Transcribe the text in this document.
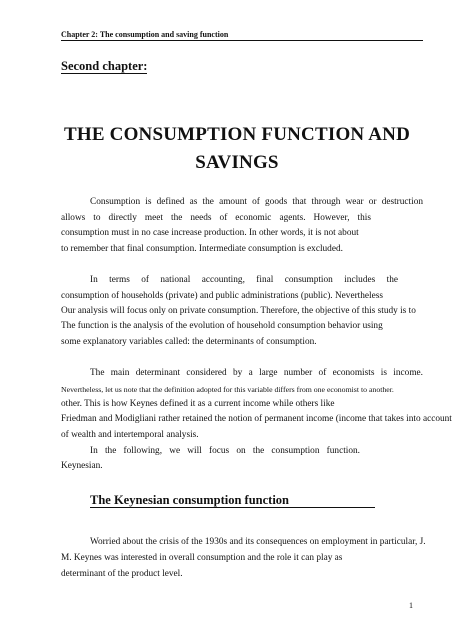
Chapter 2: The consumption and saving function
Second chapter:
THE CONSUMPTION FUNCTION AND
SAVINGS
Consumption is defined as the amount of goods that through wear or destruction
allows to directly meet the needs of economic agents. However, this
consumption must in no case increase production. In other words, it is not about
to remember that final consumption. Intermediate consumption is excluded.
In terms of national accounting, final consumption includes the
consumption of households (private) and public administrations (public). Nevertheless
Our analysis will focus only on private consumption. Therefore, the objective of this study is to
The function is the analysis of the evolution of household consumption behavior using
some explanatory variables called: the determinants of consumption.
The main determinant considered by a large number of economists is income.
Nevertheless, let us note that the definition adopted for this variable differs from one economist to another.
other. This is how Keynes defined it as a current income while others like
Friedman and Modigliani rather retained the notion of permanent income (income that takes into account
of wealth and intertemporal analysis.
In the following, we will focus on the consumption function.
Keynesian.
The Keynesian consumption function
Worried about the crisis of the 1930s and its consequences on employment in particular, J.
M. Keynes was interested in overall consumption and the role it can play as
determinant of the product level.
1
